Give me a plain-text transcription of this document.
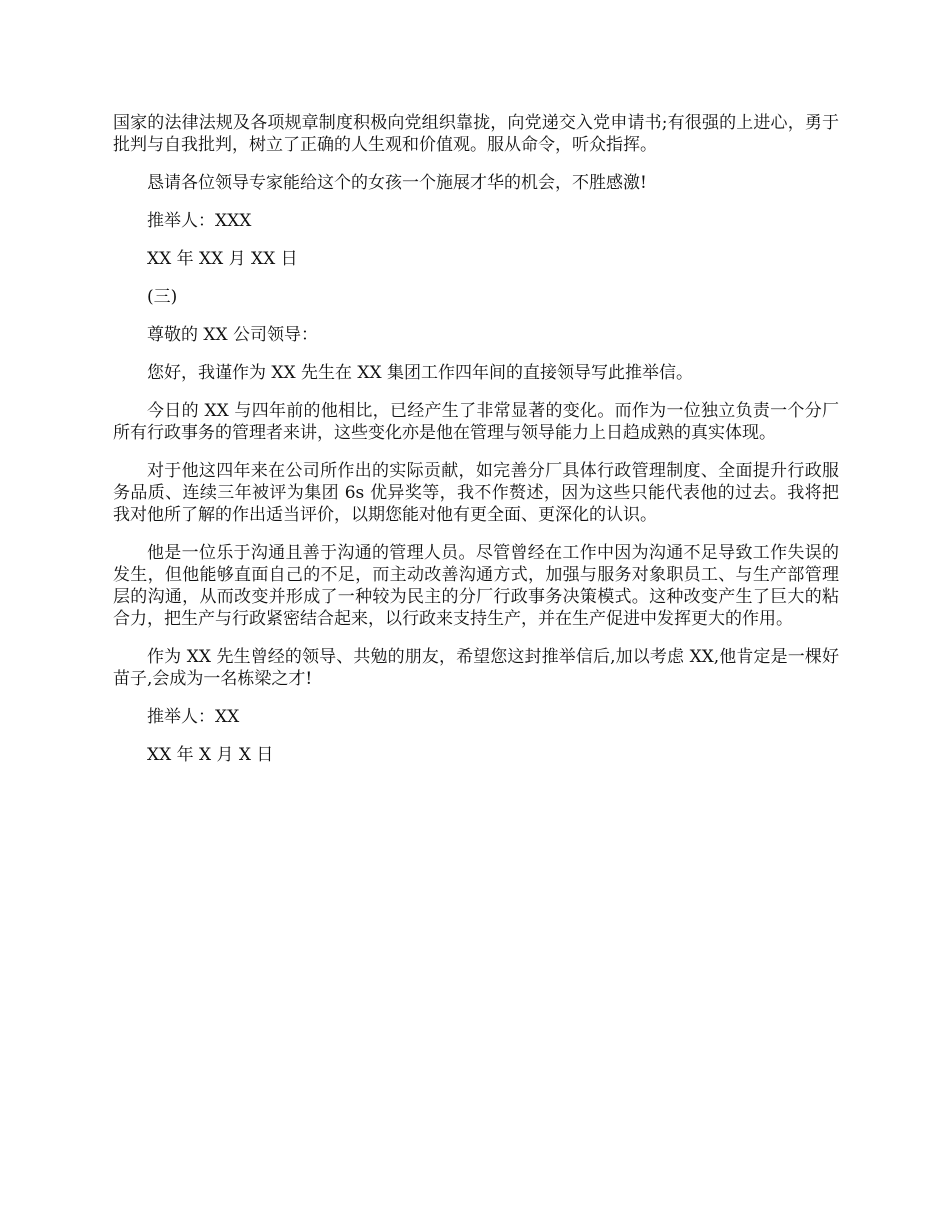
国家的法律法规及各项规章制度积极向党组织靠拢，向党递交入党申请书;有很强的上进心，勇于批判与自我批判，树立了正确的人生观和价值观。服从命令，听众指挥。

恳请各位领导专家能给这个的女孩一个施展才华的机会，不胜感激!

推举人：XXX

XX 年 XX 月 XX 日

(三)

尊敬的 XX 公司领导：

您好，我谨作为 XX 先生在 XX 集团工作四年间的直接领导写此推举信。

今日的 XX 与四年前的他相比，已经产生了非常显著的变化。而作为一位独立负责一个分厂所有行政事务的管理者来讲，这些变化亦是他在管理与领导能力上日趋成熟的真实体现。

对于他这四年来在公司所作出的实际贡献，如完善分厂具体行政管理制度、全面提升行政服务品质、连续三年被评为集团 6s 优异奖等，我不作赘述，因为这些只能代表他的过去。我将把我对他所了解的作出适当评价，以期您能对他有更全面、更深化的认识。

他是一位乐于沟通且善于沟通的管理人员。尽管曾经在工作中因为沟通不足导致工作失误的发生，但他能够直面自己的不足，而主动改善沟通方式，加强与服务对象职员工、与生产部管理层的沟通，从而改变并形成了一种较为民主的分厂行政事务决策模式。这种改变产生了巨大的粘合力，把生产与行政紧密结合起来，以行政来支持生产，并在生产促进中发挥更大的作用。

作为 XX 先生曾经的领导、共勉的朋友，希望您这封推举信后,加以考虑 XX,他肯定是一棵好苗子,会成为一名栋梁之才!

推举人：XX

XX 年 X 月 X 日
